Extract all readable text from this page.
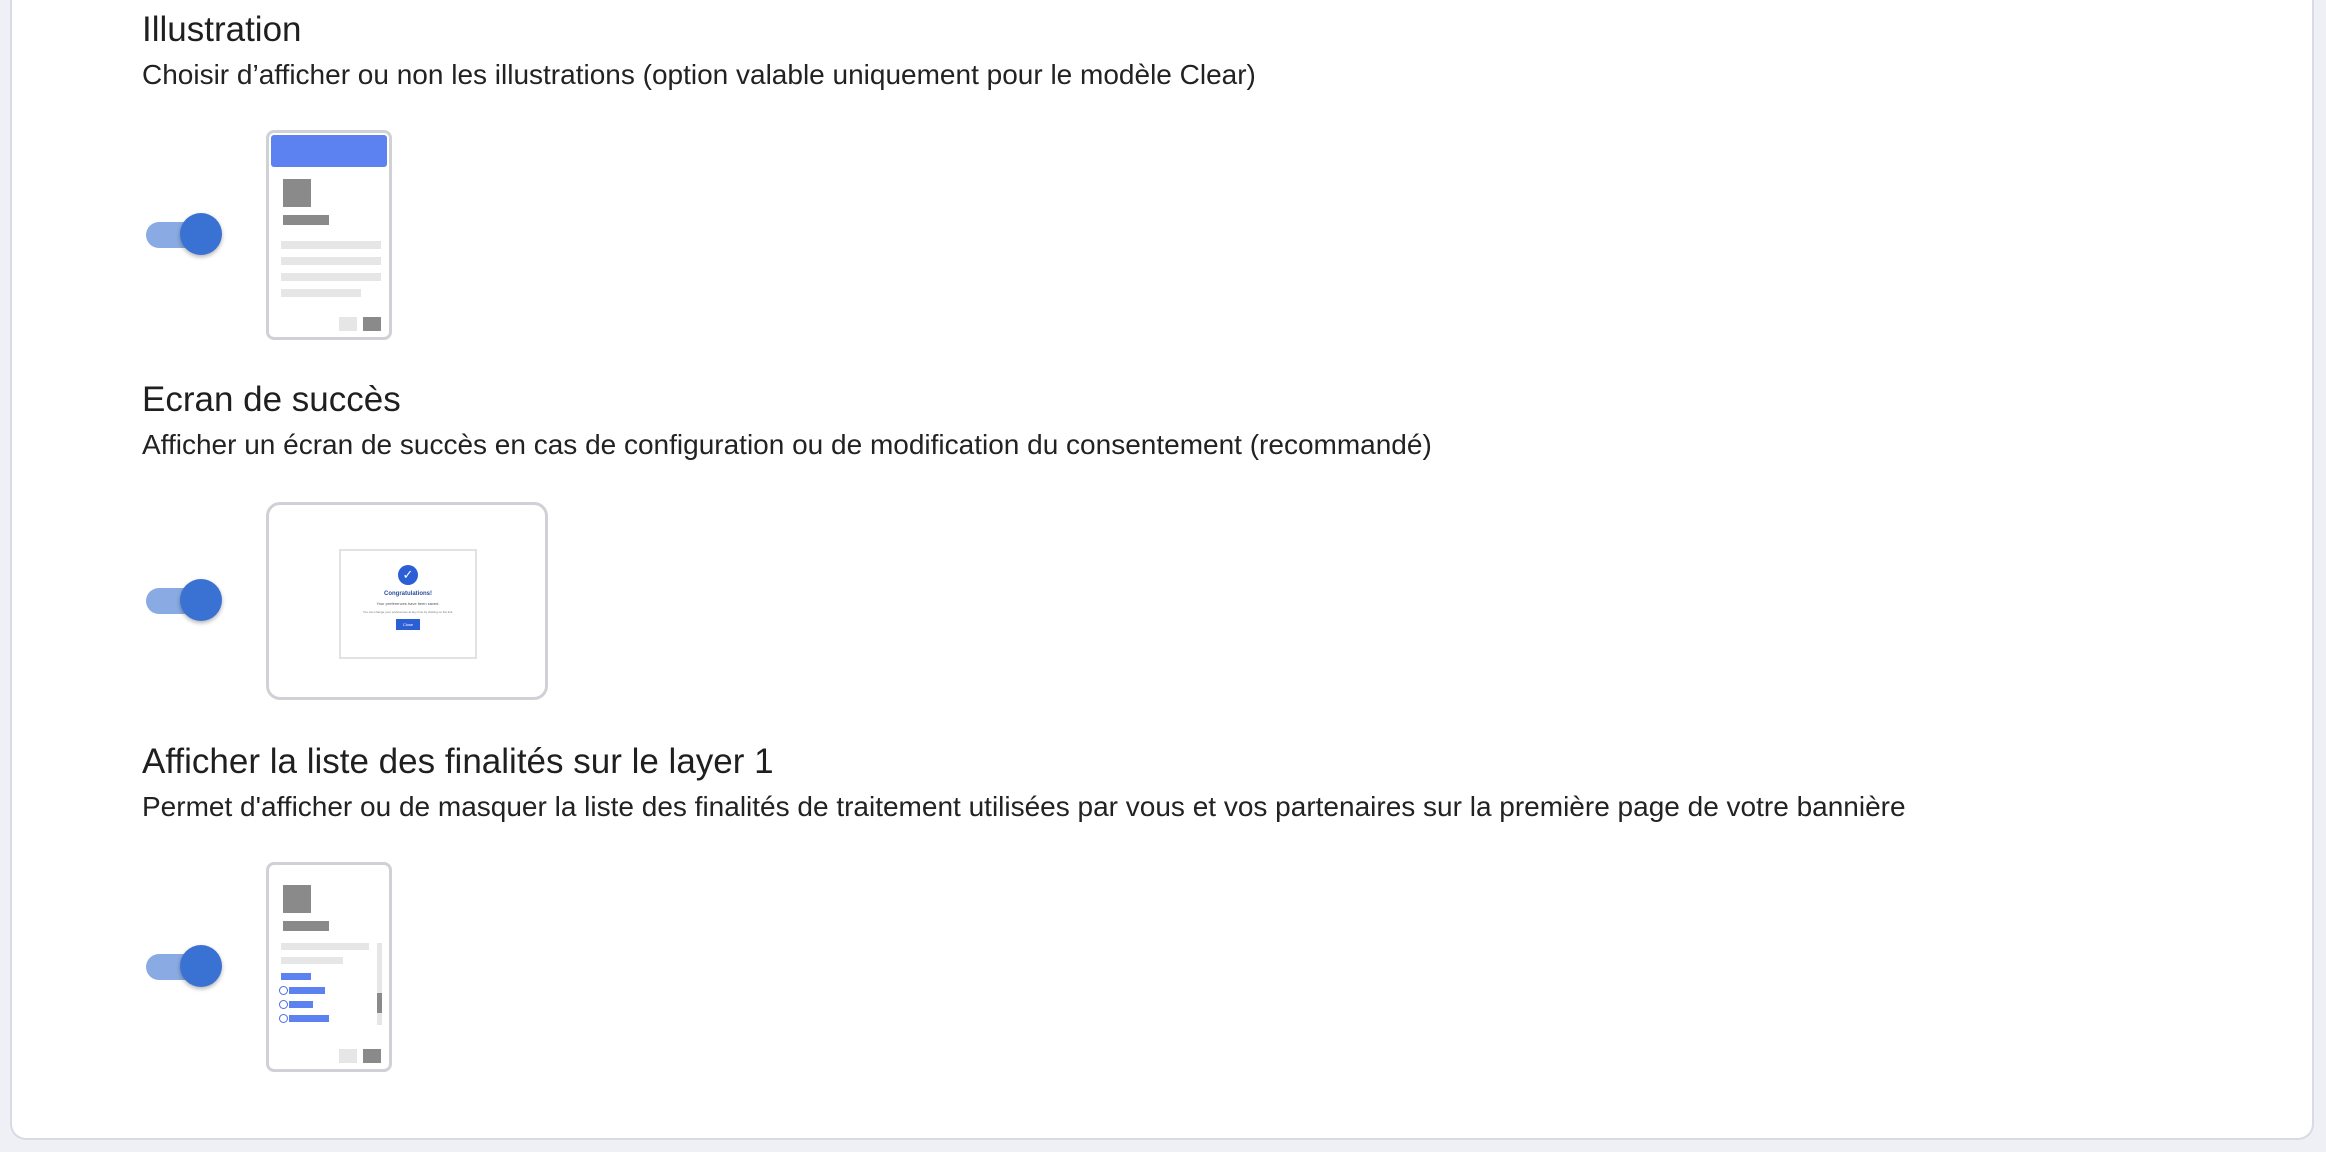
Illustration

Choisir d’afficher ou non les illustrations (option valable uniquement pour le modèle Clear)

Ecran de succès

Afficher un écran de succès en cas de configuration ou de modification du consentement (recommandé)

✓
Congratulations!
Your preferences have been saved.
You can change your preferences at any time by clicking on the link.
Close
Afficher la liste des finalités sur le layer 1

Permet d'afficher ou de masquer la liste des finalités de traitement utilisées par vous et vos partenaires sur la première page de votre bannière
